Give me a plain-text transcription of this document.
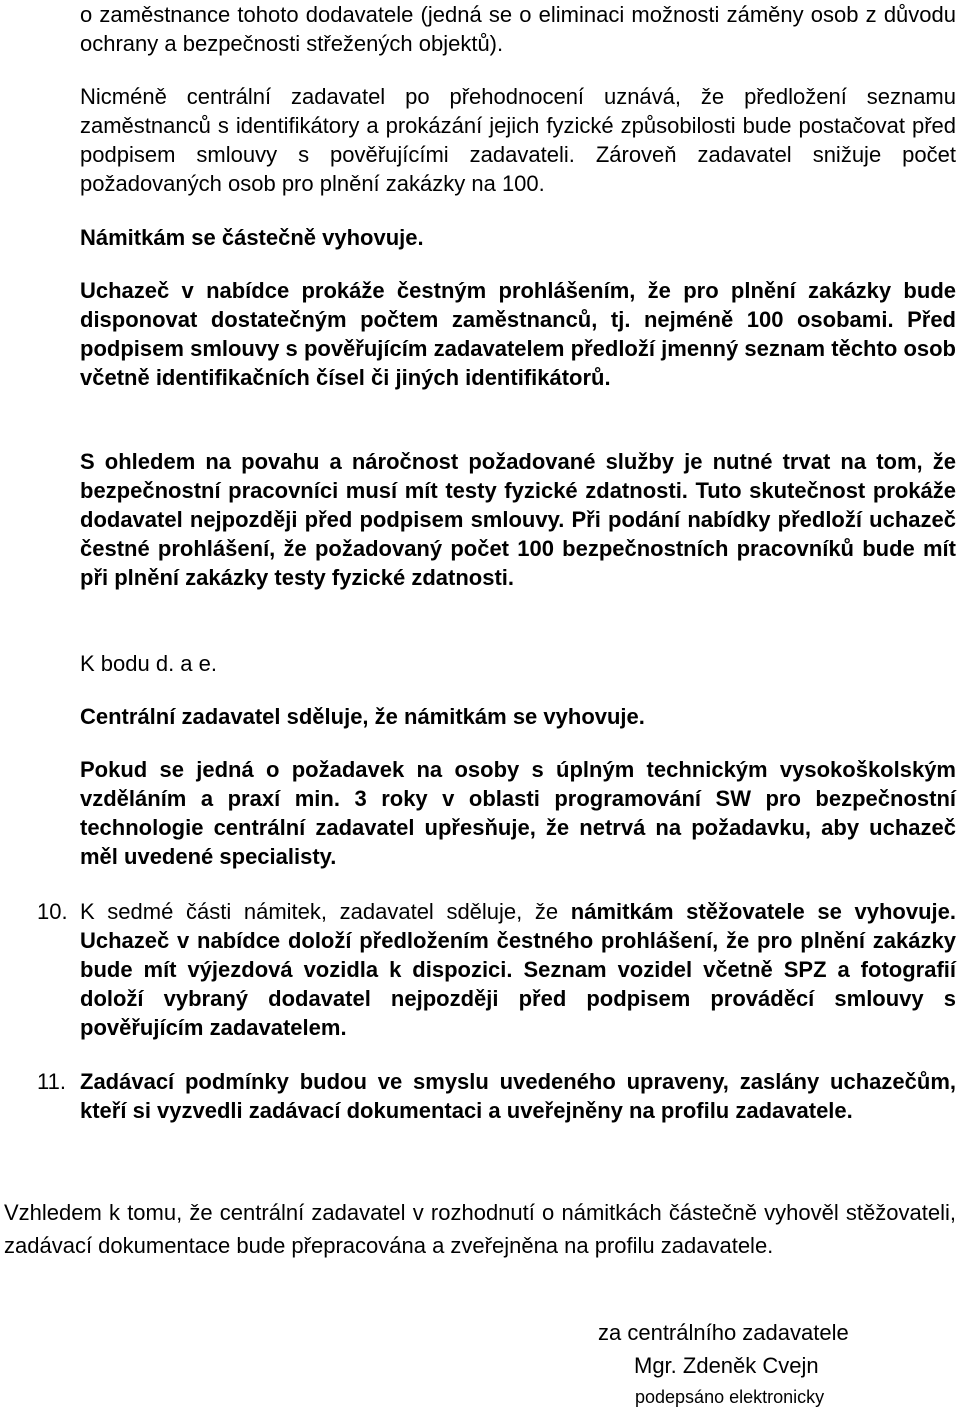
o zaměstnance tohoto dodavatele (jedná se o eliminaci možnosti záměny osob z důvodu ochrany a bezpečnosti střežených objektů).

Nicméně centrální zadavatel po přehodnocení uznává, že předložení seznamu zaměstnanců s identifikátory a prokázání jejich fyzické způsobilosti bude postačovat před podpisem smlouvy s pověřujícími zadavateli. Zároveň zadavatel snižuje počet požadovaných osob pro plnění zakázky na 100.

Námitkám se částečně vyhovuje.

Uchazeč v nabídce prokáže čestným prohlášením, že pro plnění zakázky bude disponovat dostatečným počtem zaměstnanců, tj. nejméně 100 osobami. Před podpisem smlouvy s pověřujícím zadavatelem předloží jmenný seznam těchto osob včetně identifikačních čísel či jiných identifikátorů.

S ohledem na povahu a náročnost požadované služby je nutné trvat na tom, že bezpečnostní pracovníci musí mít testy fyzické zdatnosti. Tuto skutečnost prokáže dodavatel nejpozději před podpisem smlouvy. Při podání nabídky předloží uchazeč čestné prohlášení, že požadovaný počet 100 bezpečnostních pracovníků bude mít při plnění zakázky testy fyzické zdatnosti.

K bodu d. a e.

Centrální zadavatel sděluje, že námitkám se vyhovuje.

Pokud se jedná o požadavek na osoby s úplným technickým vysokoškolským vzděláním a praxí min. 3 roky v oblasti programování SW pro bezpečnostní technologie centrální zadavatel upřesňuje, že netrvá na požadavku, aby uchazeč měl uvedené specialisty.

10. K sedmé části námitek, zadavatel sděluje, že námitkám stěžovatele se vyhovuje. Uchazeč v nabídce doloží předložením čestného prohlášení, že pro plnění zakázky bude mít výjezdová vozidla k dispozici. Seznam vozidel včetně SPZ a fotografií doloží vybraný dodavatel nejpozději před podpisem prováděcí smlouvy s pověřujícím zadavatelem.

11. Zadávací podmínky budou ve smyslu uvedeného upraveny, zaslány uchazečům, kteří si vyzvedli zadávací dokumentaci a uveřejněny na profilu zadavatele.

Vzhledem k tomu, že centrální zadavatel v rozhodnutí o námitkách částečně vyhověl stěžovateli, zadávací dokumentace bude přepracována a zveřejněna na profilu zadavatele.

za centrálního zadavatele
Mgr. Zdeněk Cvejn
podepsáno elektronicky
